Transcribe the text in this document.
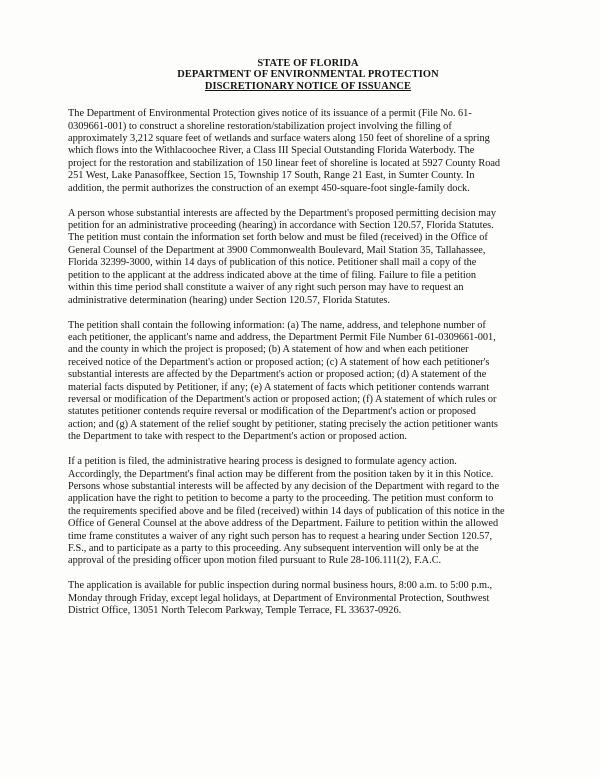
STATE OF FLORIDA
DEPARTMENT OF ENVIRONMENTAL PROTECTION
DISCRETIONARY NOTICE OF ISSUANCE
The Department of Environmental Protection gives notice of its issuance of a permit (File No. 61-
0309661-001) to construct a shoreline restoration/stabilization project involving the filling of
approximately 3,212 square feet of wetlands and surface waters along 150 feet of shoreline of a spring
which flows into the Withlacoochee River, a Class III Special Outstanding Florida Waterbody. The
project for the restoration and stabilization of 150 linear feet of shoreline is located at 5927 County Road
251 West, Lake Panasoffkee, Section 15, Township 17 South, Range 21 East, in Sumter County. In
addition, the permit authorizes the construction of an exempt 450-square-foot single-family dock.
A person whose substantial interests are affected by the Department's proposed permitting decision may
petition for an administrative proceeding (hearing) in accordance with Section 120.57, Florida Statutes.
The petition must contain the information set forth below and must be filed (received) in the Office of
General Counsel of the Department at 3900 Commonwealth Boulevard, Mail Station 35, Tallahassee,
Florida 32399-3000, within 14 days of publication of this notice. Petitioner shall mail a copy of the
petition to the applicant at the address indicated above at the time of filing. Failure to file a petition
within this time period shall constitute a waiver of any right such person may have to request an
administrative determination (hearing) under Section 120.57, Florida Statutes.
The petition shall contain the following information: (a) The name, address, and telephone number of
each petitioner, the applicant's name and address, the Department Permit File Number 61-0309661-001,
and the county in which the project is proposed; (b) A statement of how and when each petitioner
received notice of the Department's action or proposed action; (c) A statement of how each petitioner's
substantial interests are affected by the Department's action or proposed action; (d) A statement of the
material facts disputed by Petitioner, if any; (e) A statement of facts which petitioner contends warrant
reversal or modification of the Department's action or proposed action; (f) A statement of which rules or
statutes petitioner contends require reversal or modification of the Department's action or proposed
action; and (g) A statement of the relief sought by petitioner, stating precisely the action petitioner wants
the Department to take with respect to the Department's action or proposed action.
If a petition is filed, the administrative hearing process is designed to formulate agency action.
Accordingly, the Department's final action may be different from the position taken by it in this Notice.
Persons whose substantial interests will be affected by any decision of the Department with regard to the
application have the right to petition to become a party to the proceeding. The petition must conform to
the requirements specified above and be filed (received) within 14 days of publication of this notice in the
Office of General Counsel at the above address of the Department. Failure to petition within the allowed
time frame constitutes a waiver of any right such person has to request a hearing under Section 120.57,
F.S., and to participate as a party to this proceeding. Any subsequent intervention will only be at the
approval of the presiding officer upon motion filed pursuant to Rule 28-106.111(2), F.A.C.
The application is available for public inspection during normal business hours, 8:00 a.m. to 5:00 p.m.,
Monday through Friday, except legal holidays, at Department of Environmental Protection, Southwest
District Office, 13051 North Telecom Parkway, Temple Terrace, FL 33637-0926.
